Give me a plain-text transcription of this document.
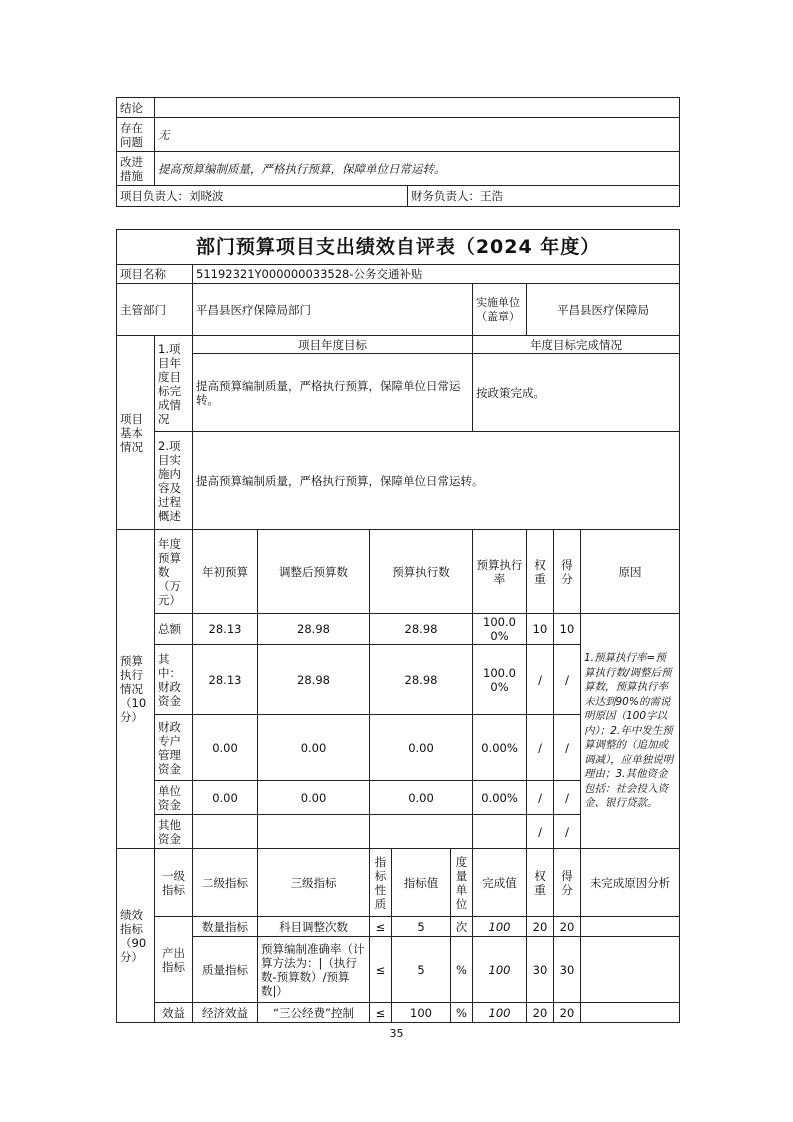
结论		
存在问题	无	
改进措施	提高预算编制质量，严格执行预算，保障单位日常运转。	
项目负责人：刘晓波		财务负责人：王浩
部门预算项目支出绩效自评表（2024 年度）										
项目名称		51192321Y000000033528-公务交通补贴								
主管部门		平昌县医疗保障局部门					实施单位（盖章）	平昌县医疗保障局		
项目基本情况	1.项目年度目标完成情况	项目年度目标					年度目标完成情况			
		提高预算编制质量，严格执行预算，保障单位日常运转。					按政策完成。			
	2.项目实施内容及过程概述	提高预算编制质量，严格执行预算，保障单位日常运转。								
预算执行情况（10分）	年度预算数（万元）	年初预算	调整后预算数	预算执行数			预算执行率	权重	得分	原因
	总额	28.13	28.98	28.98			100.00%	10	10	1.预算执行率=预算执行数/调整后预算数，预算执行率未达到90%的需说明原因（100字以内）；2.年中发生预算调整的（追加或调减），应单独说明理由；3.其他资金包括：社会投入资金、银行贷款。
	其中：财政资金	28.13	28.98	28.98			100.00%	/	/	
	财政专户管理资金	0.00	0.00	0.00			0.00%	/	/	
	单位资金	0.00	0.00	0.00			0.00%	/	/	
	其他资金							/	/	
绩效指标（90分）	一级指标	二级指标	三级指标	指标性质	指标值	度量单位	完成值	权重	得分	未完成原因分析
	产出指标	数量指标	科目调整次数	≤	5	次	100	20	20	
		质量指标	预算编制准确率（计算方法为：|（执行数-预算数）/预算数|）	≤	5	%	100	30	30	
	效益	经济效益	“三公经费”控制	≤	100	%	100	20	20	
35
